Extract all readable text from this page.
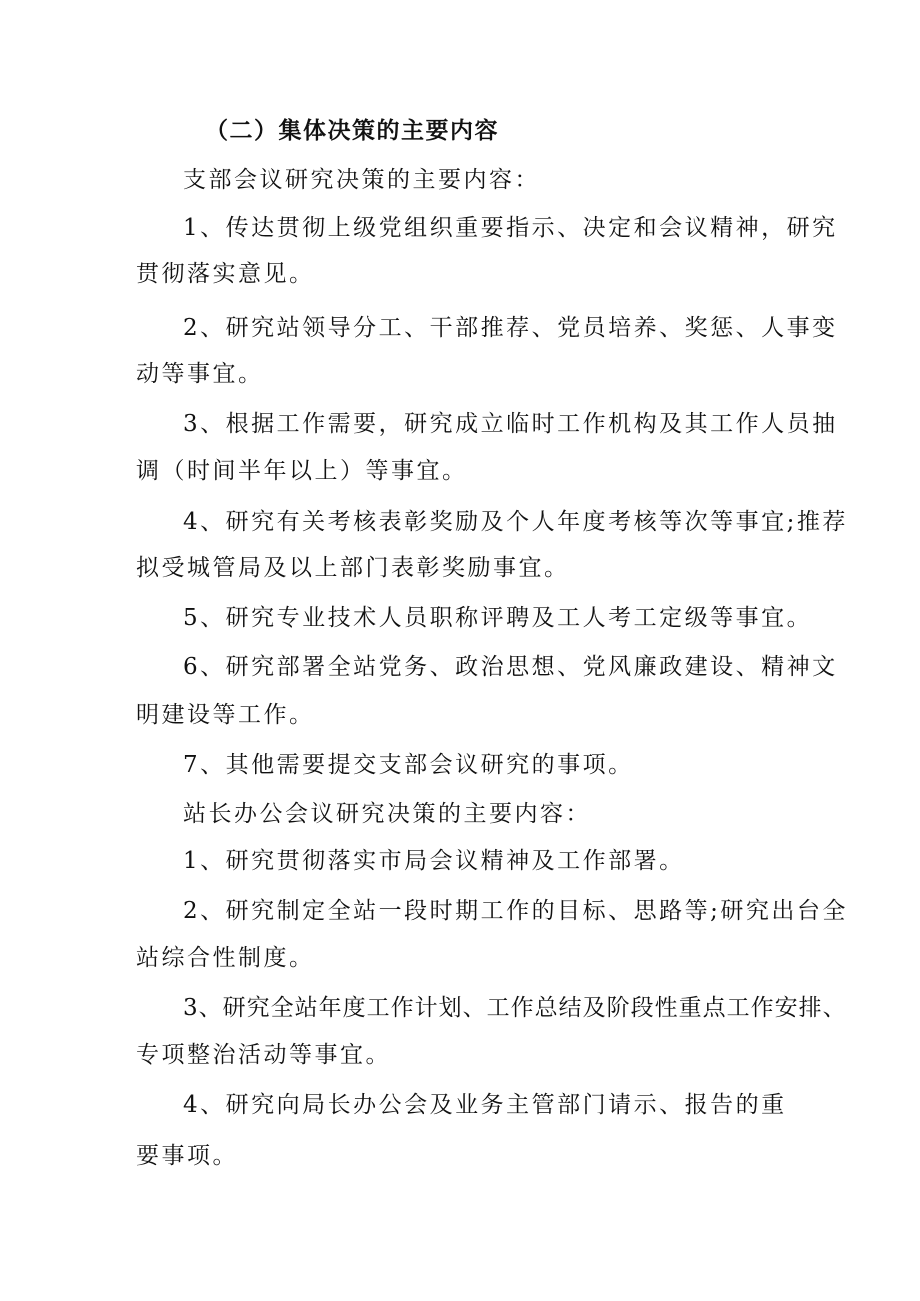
（二）集体决策的主要内容
支部会议研究决策的主要内容：
1、传达贯彻上级党组织重要指示、决定和会议精神，研究
贯彻落实意见。
2、研究站领导分工、干部推荐、党员培养、奖惩、人事变
动等事宜。
3、根据工作需要，研究成立临时工作机构及其工作人员抽
调（时间半年以上）等事宜。
4、研究有关考核表彰奖励及个人年度考核等次等事宜;推荐
拟受城管局及以上部门表彰奖励事宜。
5、研究专业技术人员职称评聘及工人考工定级等事宜。
6、研究部署全站党务、政治思想、党风廉政建设、精神文
明建设等工作。
7、其他需要提交支部会议研究的事项。
站长办公会议研究决策的主要内容：
1、研究贯彻落实市局会议精神及工作部署。
2、研究制定全站一段时期工作的目标、思路等;研究出台全
站综合性制度。
3、研究全站年度工作计划、工作总结及阶段性重点工作安排、
专项整治活动等事宜。
4、研究向局长办公会及业务主管部门请示、报告的重
要事项。
